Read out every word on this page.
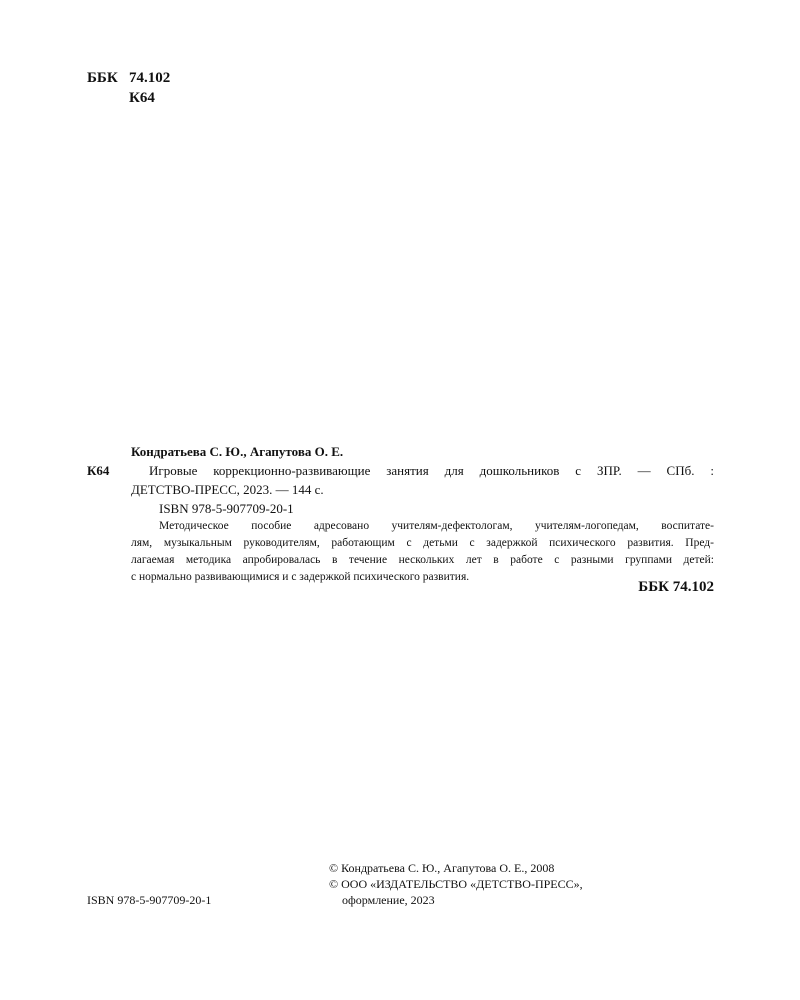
ББК 74.102
К64
Кондратьева С. Ю., Агапутова О. Е.
К64	Игровые коррекционно-развивающие занятия для дошкольников с ЗПР. — СПб. :
ДЕТСТВО-ПРЕСС, 2023. — 144 с.
ISBN 978-5-907709-20-1
Методическое пособие адресовано учителям-дефектологам, учителям-логопедам, воспитате-
лям, музыкальным руководителям, работающим с детьми с задержкой психического развития. Пред-
лагаемая методика апробировалась в течение нескольких лет в работе с разными группами детей:
с нормально развивающимися и с задержкой психического развития.
ББК 74.102
© Кондратьева С. Ю., Агапутова О. Е., 2008
© ООО «ИЗДАТЕЛЬСТВО «ДЕТСТВО-ПРЕСС»,
оформление, 2023
ISBN 978-5-907709-20-1
